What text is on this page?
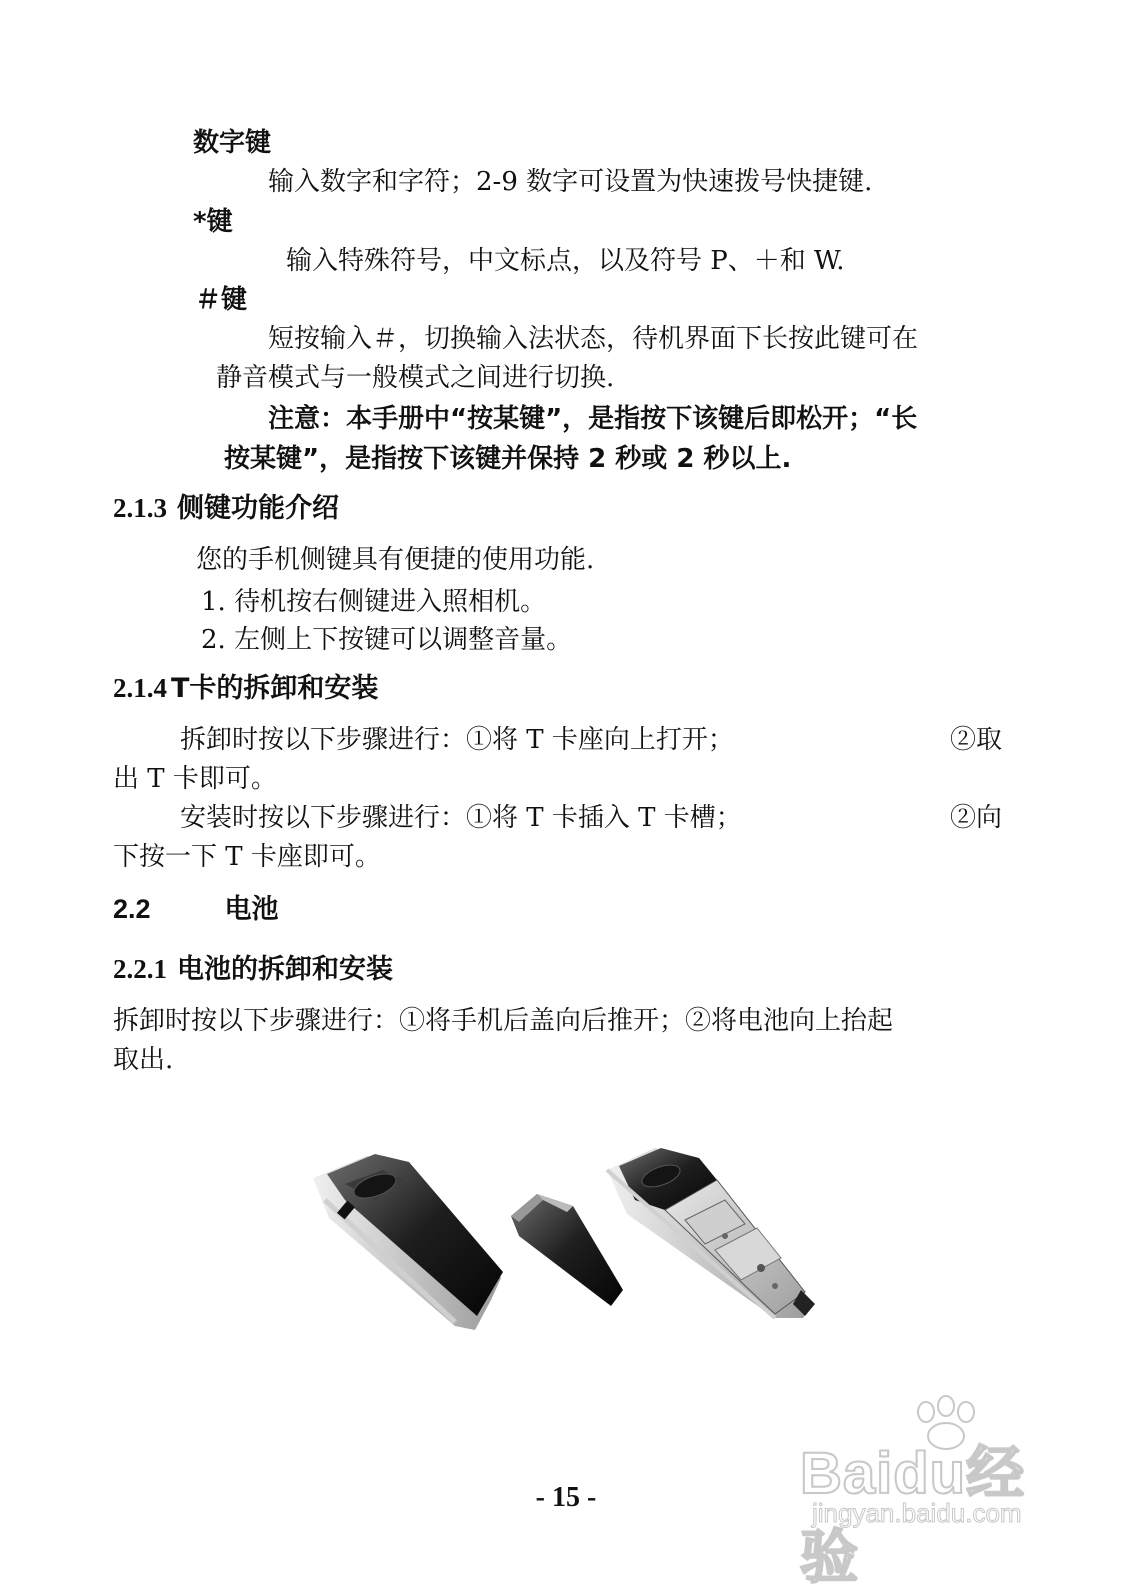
数字键
输入数字和字符；2-9 数字可设置为快速拨号快捷键.
*键
输入特殊符号，中文标点，以及符号 P、＋和 W.
＃键
短按输入＃，切换输入法状态，待机界面下长按此键可在
静音模式与一般模式之间进行切换.
注意：本手册中“按某键”，是指按下该键后即松开；“长
按某键”，是指按下该键并保持 2 秒或 2 秒以上.
2.1.3 侧键功能介绍
您的手机侧键具有便捷的使用功能.
1. 待机按右侧键进入照相机。
2. 左侧上下按键可以调整音量。
2.1.4 T卡的拆卸和安装
拆卸时按以下步骤进行：①将 T 卡座向上打开；	②取
出 T 卡即可。
安装时按以下步骤进行：①将 T 卡插入 T 卡槽；	②向
下按一下 T 卡座即可。
2.2	电池
2.2.1 电池的拆卸和安装
拆卸时按以下步骤进行：①将手机后盖向后推开；②将电池向上抬起
取出.
- 15 -	Baidu经验
jingyan.baidu.com
